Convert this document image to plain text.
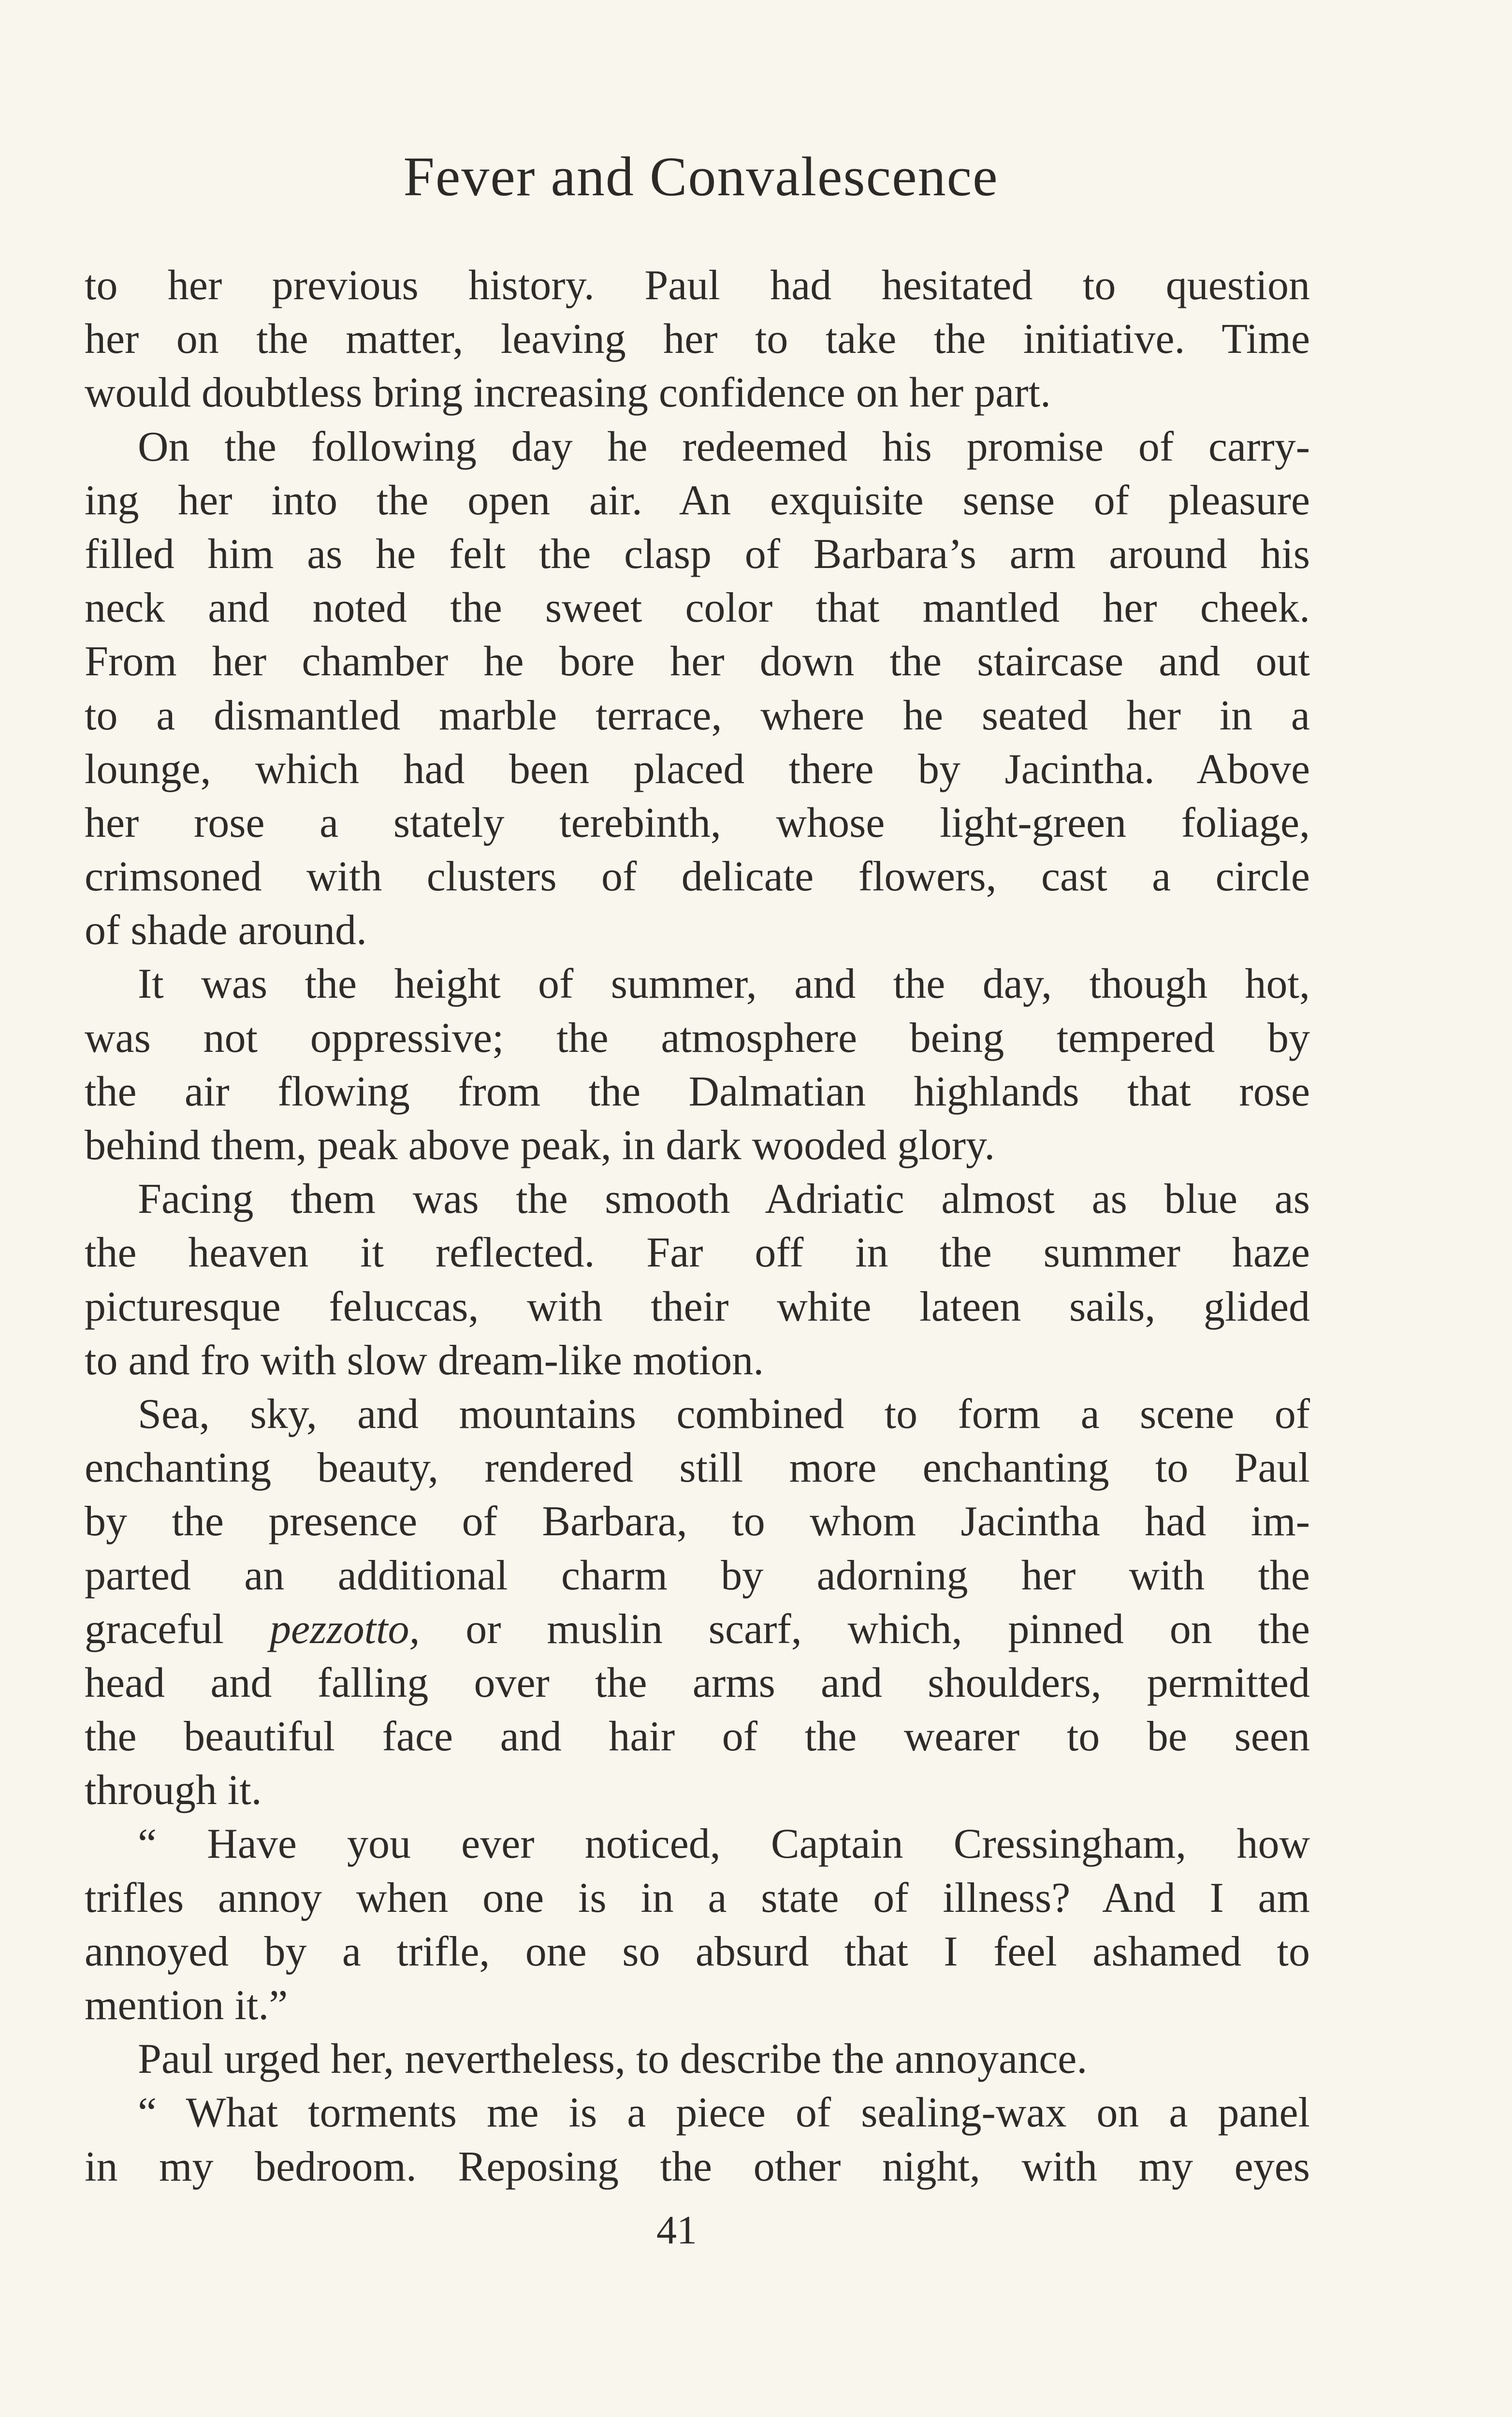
Fever and Convalescence
to her previous history. Paul had hesitated to question
her on the matter, leaving her to take the initiative. Time
would doubtless bring increasing confidence on her part.
On the following day he redeemed his promise of carry-
ing her into the open air. An exquisite sense of pleasure
filled him as he felt the clasp of Barbara’s arm around his
neck and noted the sweet color that mantled her cheek.
From her chamber he bore her down the staircase and out
to a dismantled marble terrace, where he seated her in a
lounge, which had been placed there by Jacintha. Above
her rose a stately terebinth, whose light-green foliage,
crimsoned with clusters of delicate flowers, cast a circle
of shade around.
It was the height of summer, and the day, though hot,
was not oppressive; the atmosphere being tempered by
the air flowing from the Dalmatian highlands that rose
behind them, peak above peak, in dark wooded glory.
Facing them was the smooth Adriatic almost as blue as
the heaven it reflected. Far off in the summer haze
picturesque feluccas, with their white lateen sails, glided
to and fro with slow dream-like motion.
Sea, sky, and mountains combined to form a scene of
enchanting beauty, rendered still more enchanting to Paul
by the presence of Barbara, to whom Jacintha had im-
parted an additional charm by adorning her with the
graceful pezzotto, or muslin scarf, which, pinned on the
head and falling over the arms and shoulders, permitted
the beautiful face and hair of the wearer to be seen
through it.
“ Have you ever noticed, Captain Cressingham, how
trifles annoy when one is in a state of illness? And I am
annoyed by a trifle, one so absurd that I feel ashamed to
mention it.”
Paul urged her, nevertheless, to describe the annoyance.
“ What torments me is a piece of sealing-wax on a panel
in my bedroom. Reposing the other night, with my eyes
41
